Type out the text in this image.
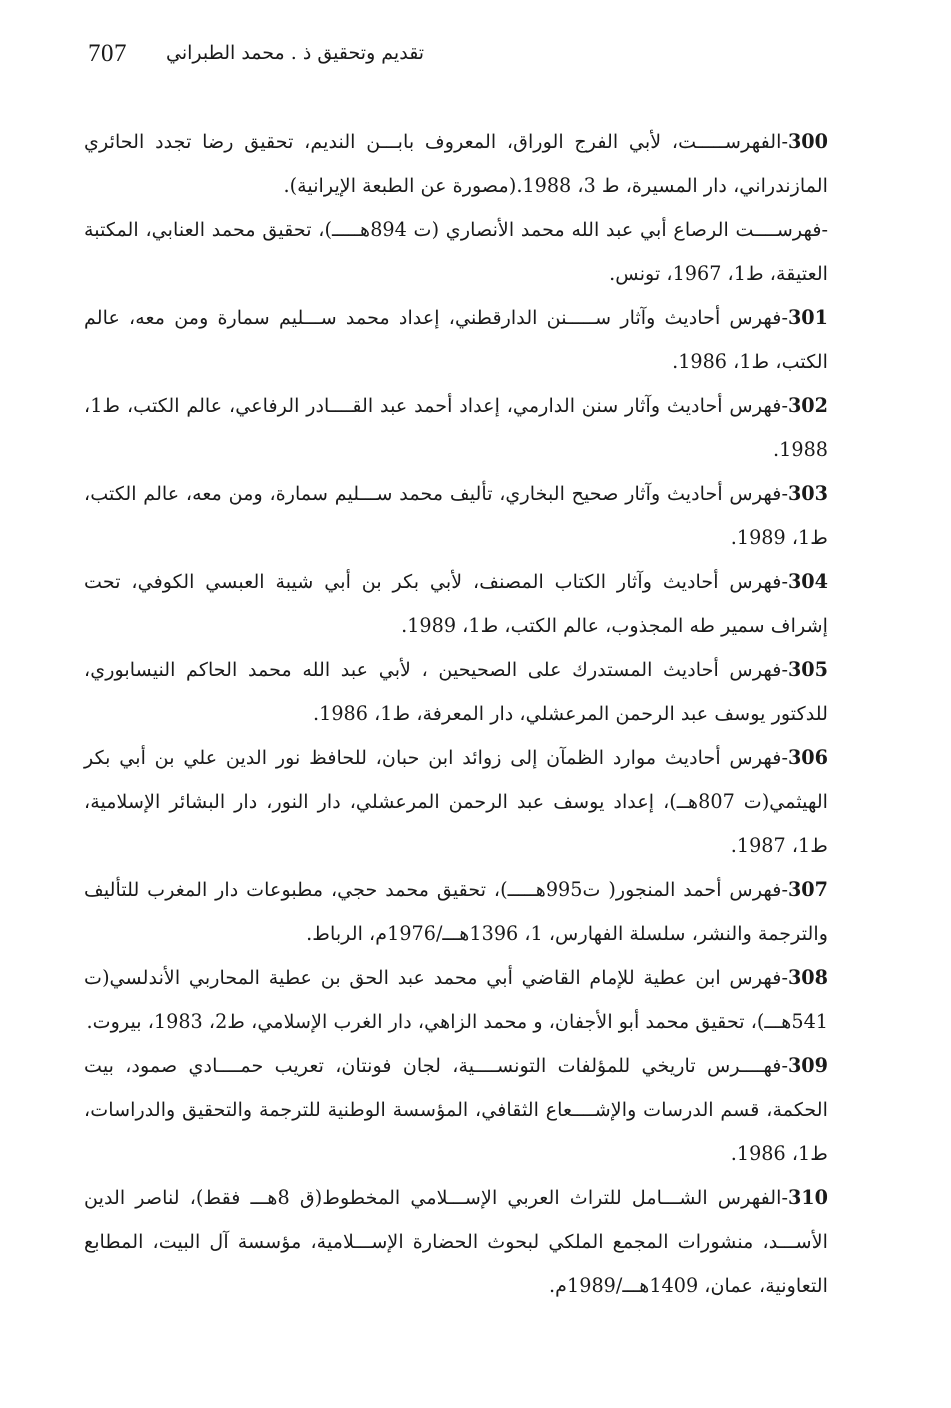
707 تقديم وتحقيق ذ . محمد الطبراني

300-الفهرســـــت، لأبي الفرج الوراق، المعروف بابـــن النديم، تحقيق رضا تجدد الحائري المازندراني، دار المسيرة، ط 3، 1988.(مصورة عن الطبعة الإيرانية).

-فهرســــت الرصاع أبي عبد الله محمد الأنصاري (ت 894هـــــ)، تحقيق محمد العنابي، المكتبة العتيقة، ط1، 1967، تونس.

301-فهرس أحاديث وآثار ســـــنن الدارقطني، إعداد محمد ســـليم سمارة ومن معه، عالم الكتب، ط1، 1986.

302-فهرس أحاديث وآثار سنن الدارمي، إعداد أحمد عبد القــــادر الرفاعي، عالم الكتب، ط1، 1988.

303-فهرس أحاديث وآثار صحيح البخاري، تأليف محمد ســـليم سمارة، ومن معه، عالم الكتب، ط1، 1989.

304-فهرس أحاديث وآثار الكتاب المصنف، لأبي بكر بن أبي شيبة العبسي الكوفي، تحت إشراف سمير طه المجذوب، عالم الكتب، ط1، 1989.

305-فهرس أحاديث المستدرك على الصحيحين ، لأبي عبد الله محمد الحاكم النيسابوري، للدكتور يوسف عبد الرحمن المرعشلي، دار المعرفة، ط1، 1986.

306-فهرس أحاديث موارد الظمآن إلى زوائد ابن حبان، للحافظ نور الدين علي بن أبي بكر الهيثمي(ت 807هــ)، إعداد يوسف عبد الرحمن المرعشلي، دار النور، دار البشائر الإسلامية، ط1، 1987.

307-فهرس أحمد المنجور( ت995هـــــ)، تحقيق محمد حجي، مطبوعات دار المغرب للتأليف والترجمة والنشر، سلسلة الفهارس، 1، 1396هـــ/1976م، الرباط.

308-فهرس ابن عطية للإمام القاضي أبي محمد عبد الحق بن عطية المحاربي الأندلسي(ت 541هـــ)، تحقيق محمد أبو الأجفان، و محمد الزاهي، دار الغرب الإسلامي، ط2، 1983، بيروت.

309-فهــــرس تاريخي للمؤلفات التونســــية، لجان فونتان، تعريب حمــــادي صمود، بيت الحكمة، قسم الدرسات والإشــــعاع الثقافي، المؤسسة الوطنية للترجمة والتحقيق والدراسات، ط1، 1986.

310-الفهرس الشـــامل للتراث العربي الإســـلامي المخطوط(ق 8هـــ فقط)، لناصر الدين الأســـد، منشورات المجمع الملكي لبحوث الحضارة الإســـلامية، مؤسسة آل البيت، المطابع التعاونية، عمان، 1409هـــ/1989م.
